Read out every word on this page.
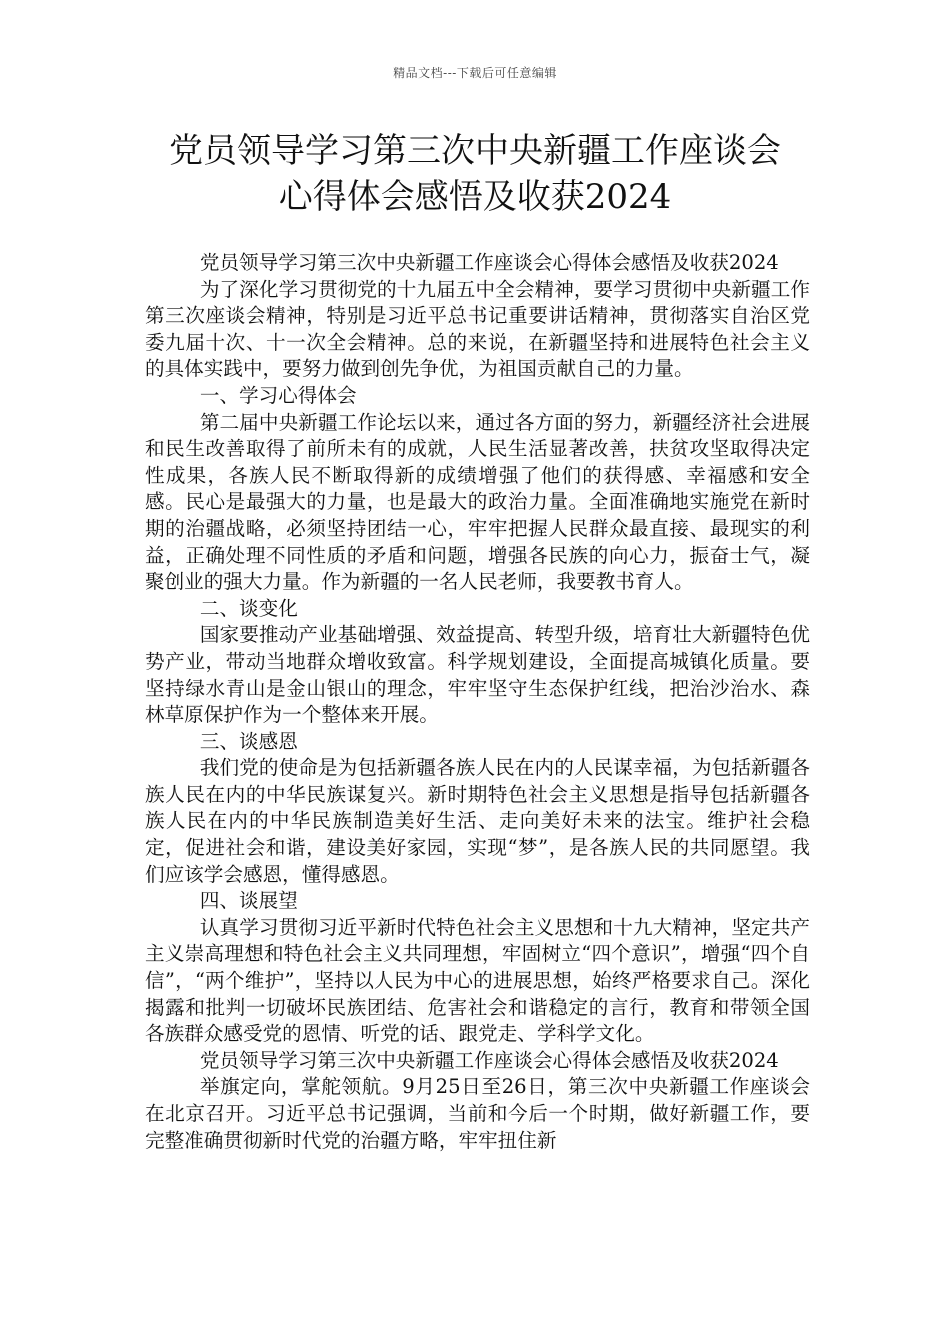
精品文档---下载后可任意编辑
党员领导学习第三次中央新疆工作座谈会
心得体会感悟及收获2024

党员领导学习第三次中央新疆工作座谈会心得体会感悟及收获2024

为了深化学习贯彻党的十九届五中全会精神，要学习贯彻中央新疆工作第三次座谈会精神，特别是习近平总书记重要讲话精神，贯彻落实自治区党委九届十次、十一次全会精神。总的来说，在新疆坚持和进展特色社会主义的具体实践中，要努力做到创先争优，为祖国贡献自己的力量。

一、学习心得体会

第二届中央新疆工作论坛以来，通过各方面的努力，新疆经济社会进展和民生改善取得了前所未有的成就，人民生活显著改善，扶贫攻坚取得决定性成果，各族人民不断取得新的成绩增强了他们的获得感、幸福感和安全感。民心是最强大的力量，也是最大的政治力量。全面准确地实施党在新时期的治疆战略，必须坚持团结一心，牢牢把握人民群众最直接、最现实的利益，正确处理不同性质的矛盾和问题，增强各民族的向心力，振奋士气，凝聚创业的强大力量。作为新疆的一名人民老师，我要教书育人。

二、谈变化

国家要推动产业基础增强、效益提高、转型升级，培育壮大新疆特色优势产业，带动当地群众增收致富。科学规划建设，全面提高城镇化质量。要坚持绿水青山是金山银山的理念，牢牢坚守生态保护红线，把治沙治水、森林草原保护作为一个整体来开展。

三、谈感恩

我们党的使命是为包括新疆各族人民在内的人民谋幸福，为包括新疆各族人民在内的中华民族谋复兴。新时期特色社会主义思想是指导包括新疆各族人民在内的中华民族制造美好生活、走向美好未来的法宝。维护社会稳定，促进社会和谐，建设美好家园，实现“梦”，是各族人民的共同愿望。我们应该学会感恩，懂得感恩。

四、谈展望

认真学习贯彻习近平新时代特色社会主义思想和十九大精神，坚定共产主义崇高理想和特色社会主义共同理想，牢固树立“四个意识”，增强“四个自信”，“两个维护”，坚持以人民为中心的进展思想，始终严格要求自己。深化揭露和批判一切破坏民族团结、危害社会和谐稳定的言行，教育和带领全国各族群众感受党的恩情、听党的话、跟党走、学科学文化。

党员领导学习第三次中央新疆工作座谈会心得体会感悟及收获2024

举旗定向，掌舵领航。9月25日至26日，第三次中央新疆工作座谈会在北京召开。习近平总书记强调，当前和今后一个时期，做好新疆工作，要完整准确贯彻新时代党的治疆方略，牢牢扭住新
